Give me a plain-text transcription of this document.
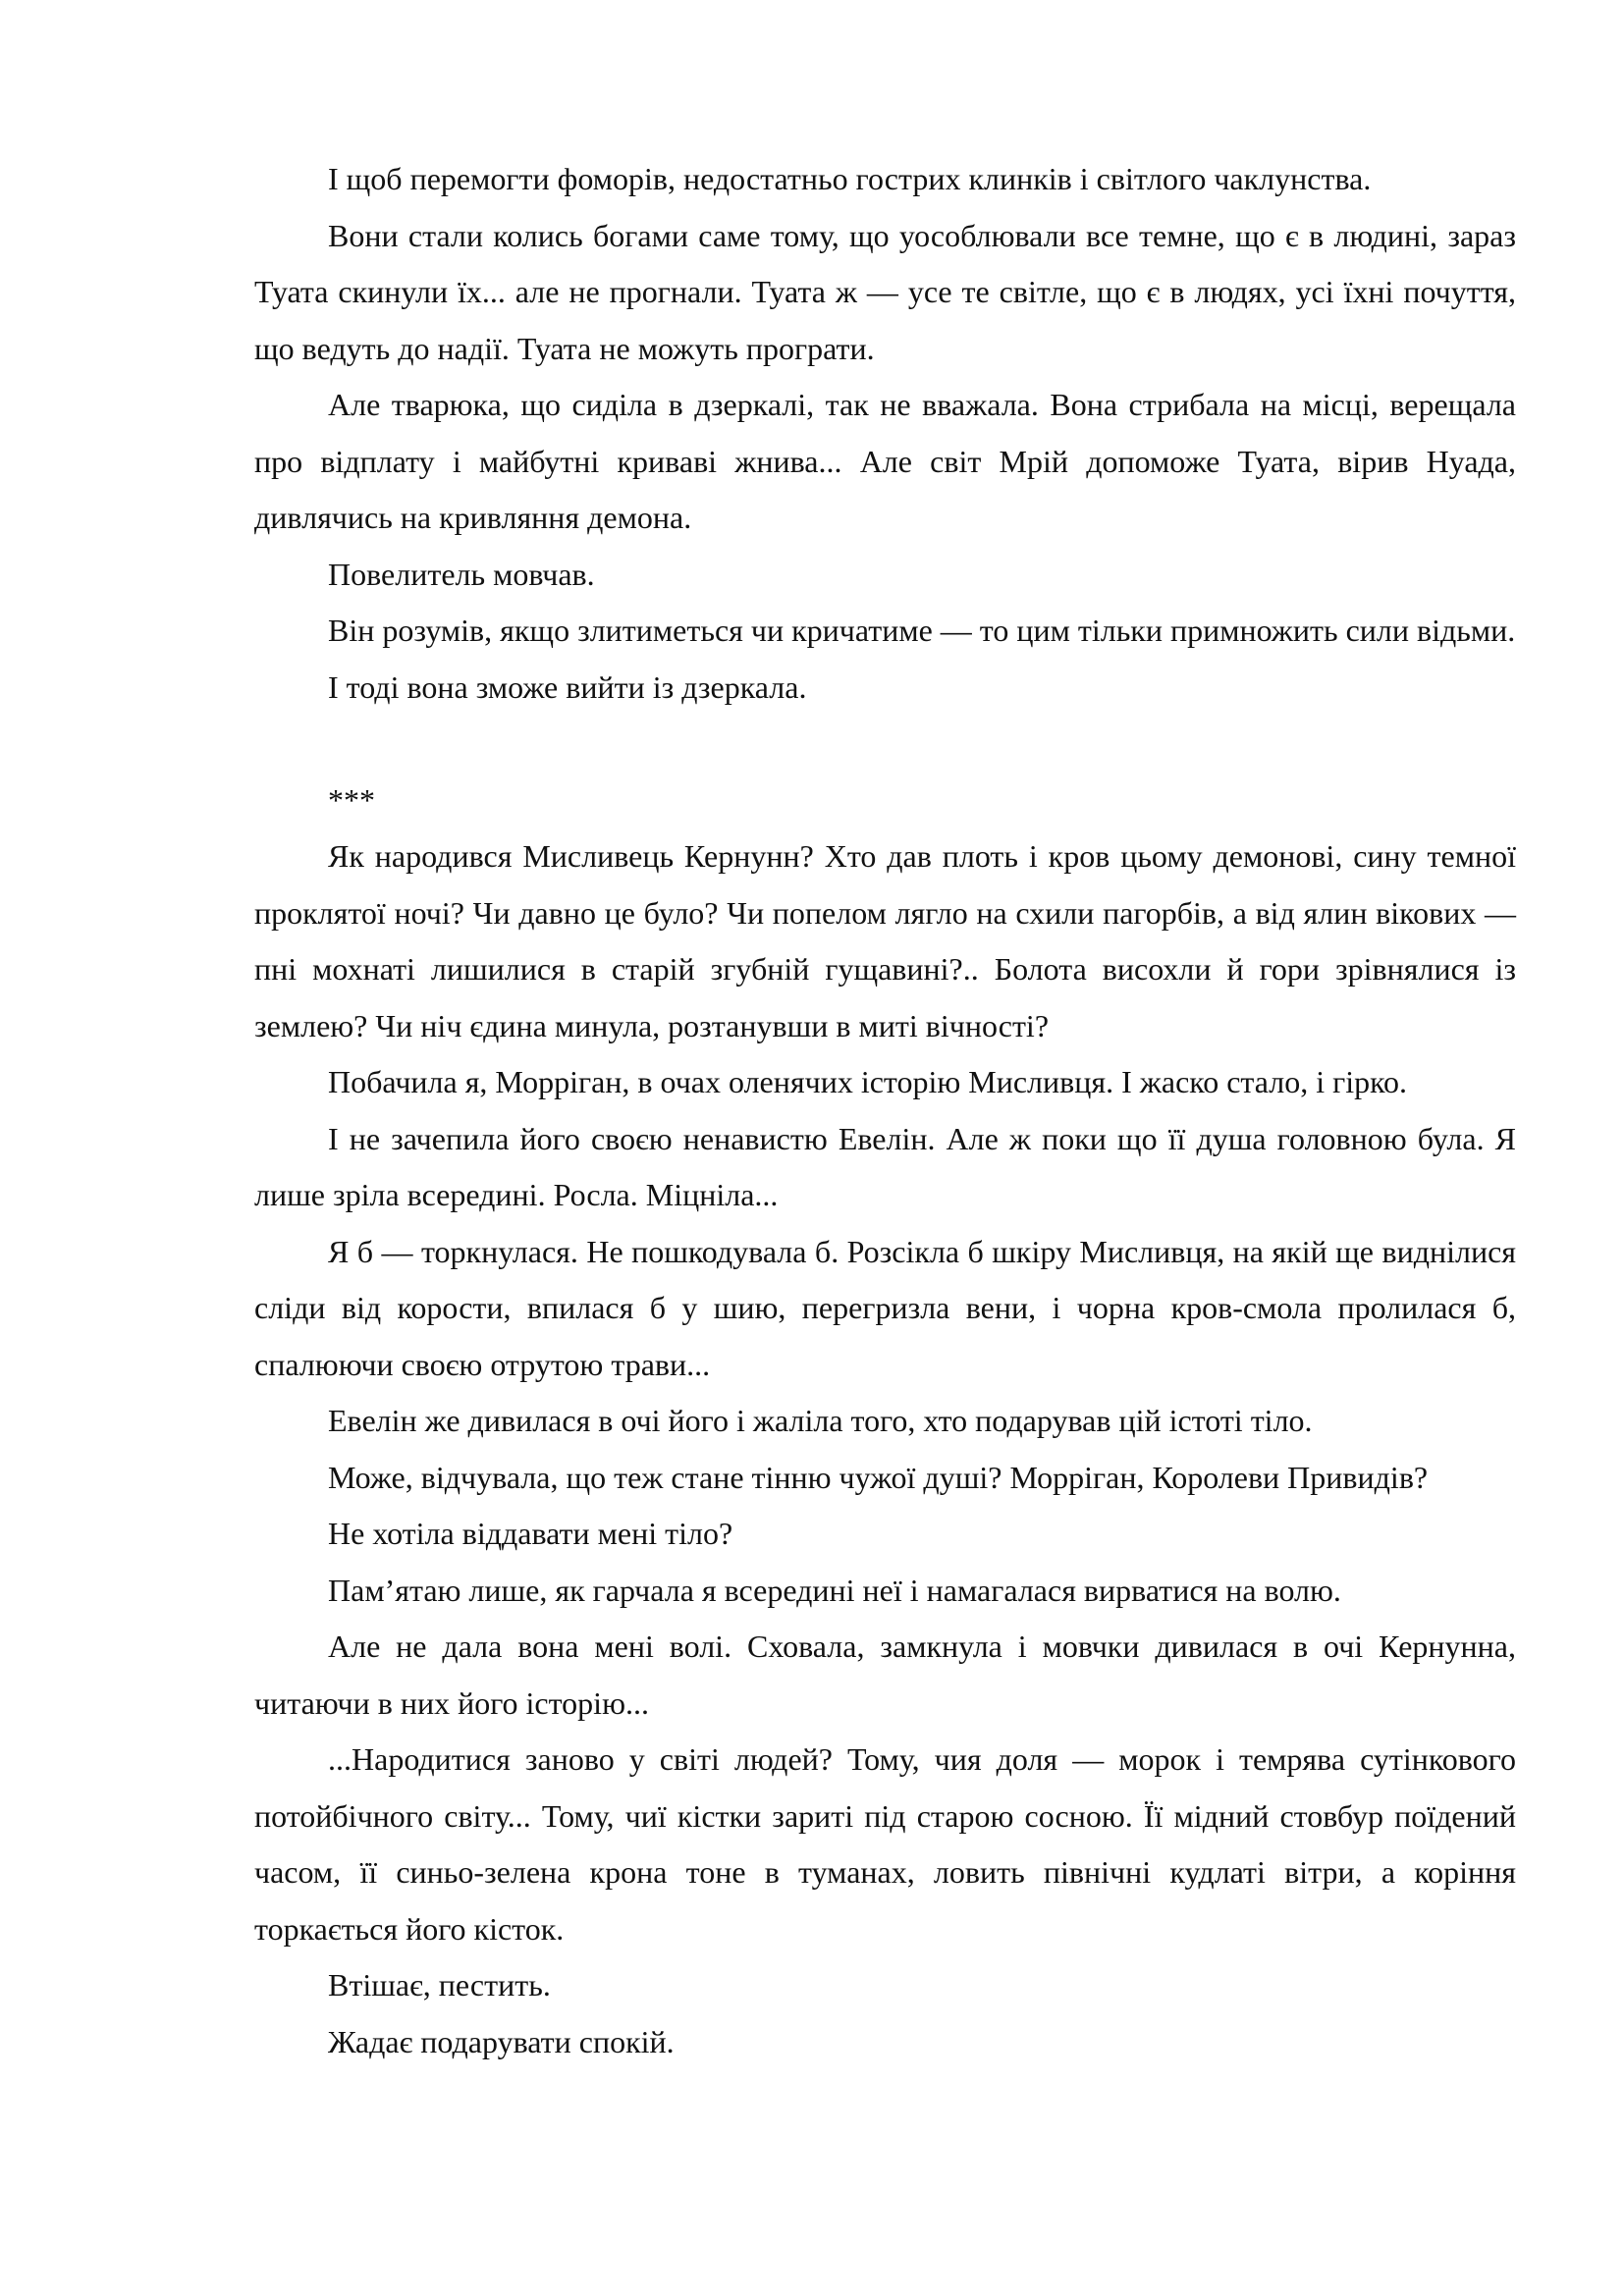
І щоб перемогти фоморів, недостатньо гострих клинків і світлого чаклунства.

Вони стали колись богами саме тому, що уособлювали все темне, що є в людині, зараз Туата скинули їх... але не прогнали. Туата ж — усе те світле, що є в людях, усі їхні почуття, що ведуть до надії. Туата не можуть програти.

Але тварюка, що сиділа в дзеркалі, так не вважала. Вона стрибала на місці, верещала про відплату і майбутні криваві жнива... Але світ Мрій допоможе Туата, вірив Нуада, дивлячись на кривляння демона.

Повелитель мовчав.

Він розумів, якщо злитиметься чи кричатиме — то цим тільки примножить сили відьми.

І тоді вона зможе вийти із дзеркала.

***

Як народився Мисливець Кернунн? Хто дав плоть і кров цьому демонові, сину темної проклятої ночі? Чи давно це було? Чи попелом лягло на схили пагорбів, а від ялин вікових — пні мохнаті лишилися в старій згубній гущавині?.. Болота висохли й гори зрівнялися із землею? Чи ніч єдина минула, розтанувши в миті вічності?

Побачила я, Морріган, в очах оленячих історію Мисливця. І жаско стало, і гірко.

І не зачепила його своєю ненавистю Евелін. Але ж поки що її душа головною була. Я лише зріла всередині. Росла. Міцніла...

Я б — торкнулася. Не пошкодувала б. Розсікла б шкіру Мисливця, на якій ще виднілися сліди від корости, впилася б у шию, перегризла вени, і чорна кров-смола пролилася б, спалюючи своєю отрутою трави...

Евелін же дивилася в очі його і жаліла того, хто подарував цій істоті тіло.

Може, відчувала, що теж стане тінню чужої душі? Морріган, Королеви Привидів?

Не хотіла віддавати мені тіло?

Пам’ятаю лише, як гарчала я всередині неї і намагалася вирватися на волю.

Але не дала вона мені волі. Сховала, замкнула і мовчки дивилася в очі Кернунна, читаючи в них його історію...

...Народитися заново у світі людей? Тому, чия доля — морок і темрява сутінкового потойбічного світу... Тому, чиї кістки зариті під старою сосною. Її мідний стовбур поїдений часом, її синьо-зелена крона тоне в туманах, ловить північні кудлаті вітри, а коріння торкається його кісток.

Втішає, пестить.

Жадає подарувати спокій.
